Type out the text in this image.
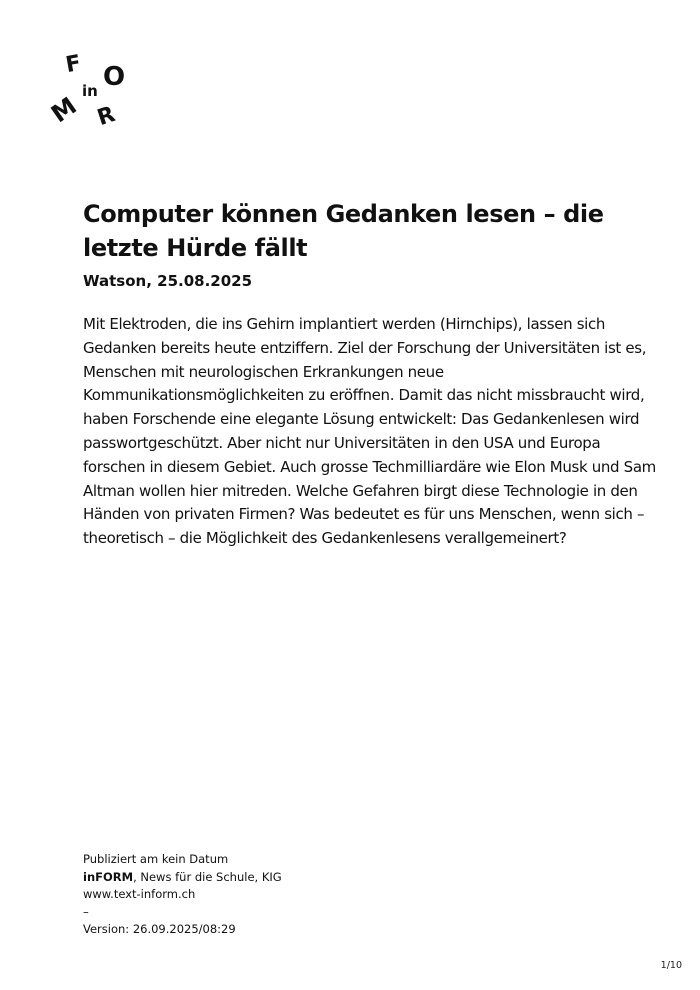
F O
in
M R
Computer können Gedanken lesen – die letzte Hürde fällt

Watson, 25.08.2025

Mit Elektroden, die ins Gehirn implantiert werden (Hirnchips), lassen sich Gedanken bereits heute entziffern. Ziel der Forschung der Universitäten ist es, Menschen mit neurologischen Erkrankungen neue Kommunikationsmöglichkeiten zu eröffnen. Damit das nicht missbraucht wird, haben Forschende eine elegante Lösung entwickelt: Das Gedankenlesen wird passwortgeschützt. Aber nicht nur Universitäten in den USA und Europa forschen in diesem Gebiet. Auch grosse Techmilliardäre wie Elon Musk und Sam Altman wollen hier mitreden. Welche Gefahren birgt diese Technologie in den Händen von privaten Firmen? Was bedeutet es für uns Menschen, wenn sich – theoretisch – die Möglichkeit des Gedankenlesens verallgemeinert?

Publiziert am kein Datum
inFORM, News für die Schule, KIG
www.text-inform.ch
–
Version: 26.09.2025/08:29
1/10
